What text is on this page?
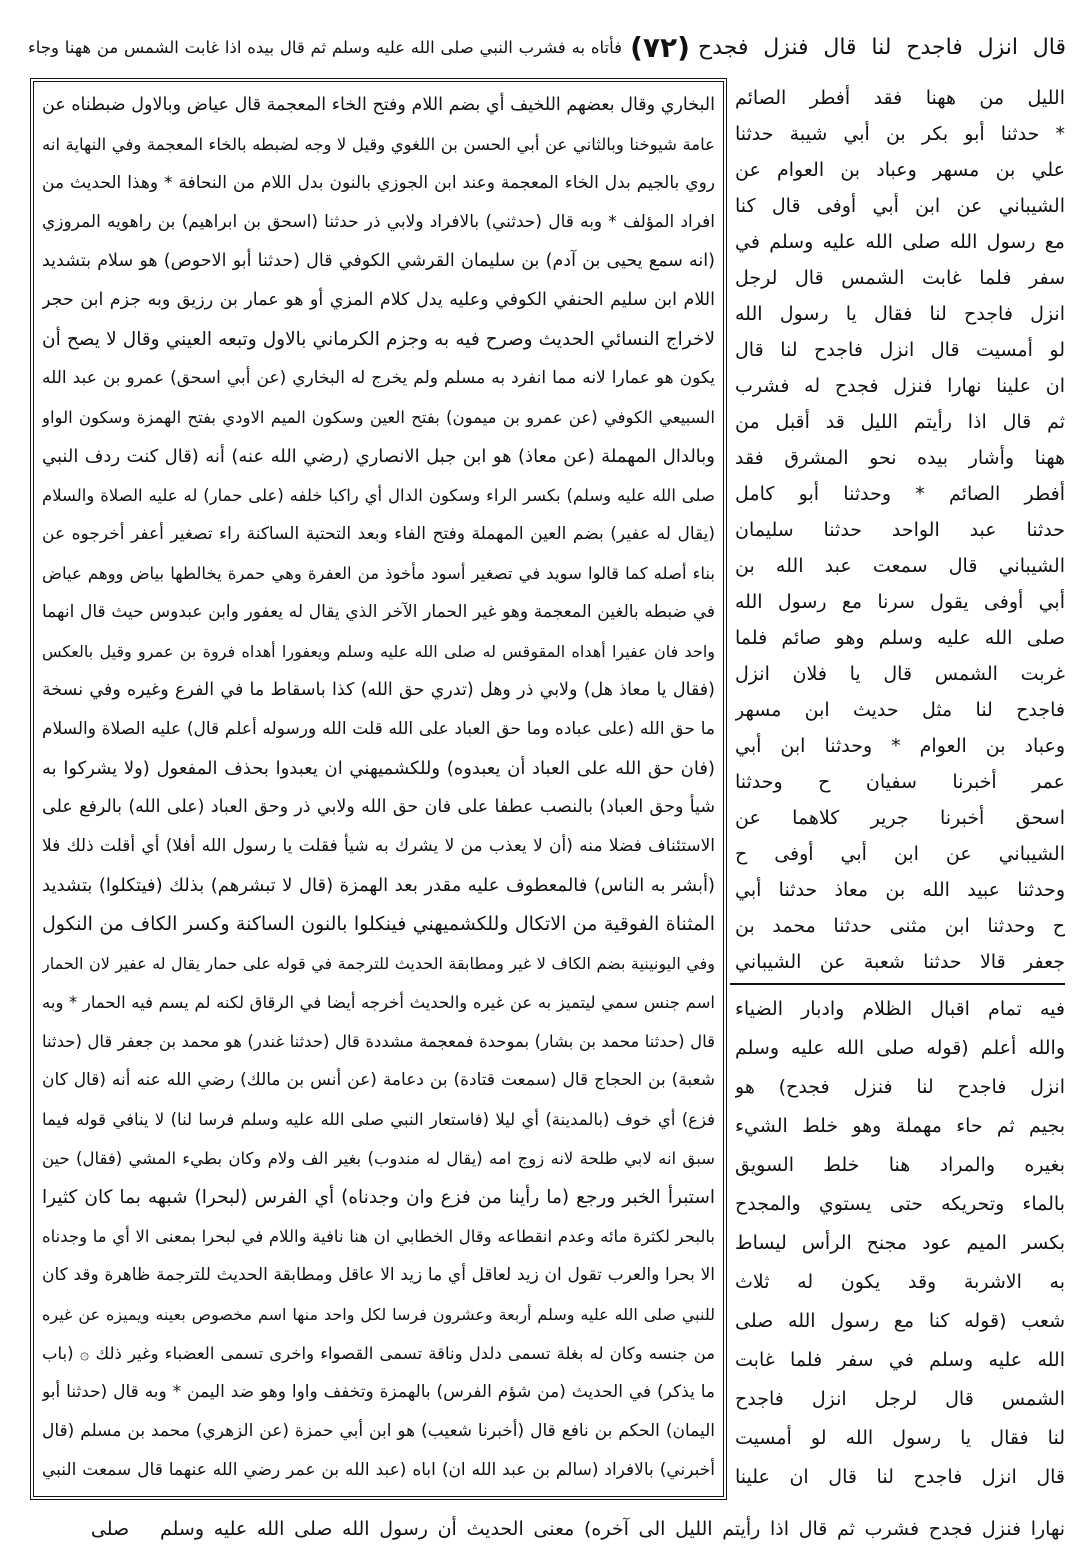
قال انزل فاجدح لنا قال فنزل فجدح
(٧٢)
فأتاه به فشرب النبي صلى الله عليه وسلم ثم قال بيده اذا غابت الشمس من ههنا وجاء
البخاري وقال بعضهم اللخيف أي بضم اللام وفتح الخاء المعجمة قال عياض وبالاول ضبطناه عن
عامة شيوخنا وبالثاني عن أبي الحسن بن اللغوي وقيل لا وجه لضبطه بالخاء المعجمة وفي النهاية انه
روي بالجيم بدل الخاء المعجمة وعند ابن الجوزي بالنون بدل اللام من النحافة * وهذا الحديث من
افراد المؤلف * وبه قال (حدثني) بالافراد ولابي ذر حدثنا (اسحق بن ابراهيم) بن راهويه المروزي
(انه سمع يحيى بن آدم) بن سليمان القرشي الكوفي قال (حدثنا أبو الاحوص) هو سلام بتشديد
اللام ابن سليم الحنفي الكوفي وعليه يدل كلام المزي أو هو عمار بن رزيق وبه جزم ابن حجر
لاخراج النسائي الحديث وصرح فيه به وجزم الكرماني بالاول وتبعه العيني وقال لا يصح أن
يكون هو عمارا لانه مما انفرد به مسلم ولم يخرج له البخاري (عن أبي اسحق) عمرو بن عبد الله
السبيعي الكوفي (عن عمرو بن ميمون) بفتح العين وسكون الميم الاودي بفتح الهمزة وسكون الواو
وبالدال المهملة (عن معاذ) هو ابن جبل الانصاري (رضي الله عنه) أنه (قال كنت ردف النبي
صلى الله عليه وسلم) بكسر الراء وسكون الدال أي راكبا خلفه (على حمار) له عليه الصلاة والسلام
(يقال له عفير) بضم العين المهملة وفتح الفاء وبعد التحتية الساكنة راء تصغير أعفر أخرجوه عن
بناء أصله كما قالوا سويد في تصغير أسود مأخوذ من العفرة وهي حمرة يخالطها بياض ووهم عياض
في ضبطه بالغين المعجمة وهو غير الحمار الآخر الذي يقال له يعفور وابن عبدوس حيث قال انهما
واحد فان عفيرا أهداه المقوقس له صلى الله عليه وسلم ويعفورا أهداه فروة بن عمرو وقيل بالعكس
(فقال يا معاذ هل) ولابي ذر وهل (تدري حق الله) كذا باسقاط ما في الفرع وغيره وفي نسخة
ما حق الله (على عباده وما حق العباد على الله قلت الله ورسوله أعلم قال) عليه الصلاة والسلام
(فان حق الله على العباد أن يعبدوه) وللكشميهني ان يعبدوا بحذف المفعول (ولا يشركوا به
شيأ وحق العباد) بالنصب عطفا على فان حق الله ولابي ذر وحق العباد (على الله) بالرفع على
الاستئناف فضلا منه (أن لا يعذب من لا يشرك به شيأ فقلت يا رسول الله أفلا) أي أقلت ذلك فلا
(أبشر به الناس) فالمعطوف عليه مقدر بعد الهمزة (قال لا تبشرهم) بذلك (فيتكلوا) بتشديد
المثناة الفوقية من الاتكال وللكشميهني فينكلوا بالنون الساكنة وكسر الكاف من النكول
وفي اليونينية بضم الكاف لا غير ومطابقة الحديث للترجمة في قوله على حمار يقال له عفير لان الحمار
اسم جنس سمي ليتميز به عن غيره والحديث أخرجه أيضا في الرقاق لكنه لم يسم فيه الحمار * وبه
قال (حدثنا محمد بن بشار) بموحدة فمعجمة مشددة قال (حدثنا غندر) هو محمد بن جعفر قال (حدثنا
شعبة) بن الحجاج قال (سمعت قتادة) بن دعامة (عن أنس بن مالك) رضي الله عنه أنه (قال كان
فزع) أي خوف (بالمدينة) أي ليلا (فاستعار النبي صلى الله عليه وسلم فرسا لنا) لا ينافي قوله فيما
سبق انه لابي طلحة لانه زوج امه (يقال له مندوب) بغير الف ولام وكان بطيء المشي (فقال) حين
استبرأ الخبر ورجع (ما رأينا من فزع وان وجدناه) أي الفرس (لبحرا) شبهه بما كان كثيرا
بالبحر لكثرة مائه وعدم انقطاعه وقال الخطابي ان هنا نافية واللام في لبحرا بمعنى الا أي ما وجدناه
الا بحرا والعرب تقول ان زيد لعاقل أي ما زيد الا عاقل ومطابقة الحديث للترجمة ظاهرة وقد كان
للنبي صلى الله عليه وسلم أربعة وعشرون فرسا لكل واحد منها اسم مخصوص بعينه ويميزه عن غيره
من جنسه وكان له بغلة تسمى دلدل وناقة تسمى القصواء واخرى تسمى العضباء وغير ذلك ۞ (باب
ما يذكر) في الحديث (من شؤم الفرس) بالهمزة وتخفف واوا وهو ضد اليمن * وبه قال (حدثنا أبو
اليمان) الحكم بن نافع قال (أخبرنا شعيب) هو ابن أبي حمزة (عن الزهري) محمد بن مسلم (قال
أخبرني) بالافراد (سالم بن عبد الله ان) اباه (عبد الله بن عمر رضي الله عنهما قال سمعت النبي
الليل من ههنا فقد أفطر الصائم
* حدثنا أبو بكر بن أبي شيبة حدثنا
علي بن مسهر وعباد بن العوام عن
الشيباني عن ابن أبي أوفى قال كنا
مع رسول الله صلى الله عليه وسلم في
سفر فلما غابت الشمس قال لرجل
انزل فاجدح لنا فقال يا رسول الله
لو أمسيت قال انزل فاجدح لنا قال
ان علينا نهارا فنزل فجدح له فشرب
ثم قال اذا رأيتم الليل قد أقبل من
ههنا وأشار بيده نحو المشرق فقد
أفطر الصائم * وحدثنا أبو كامل
حدثنا عبد الواحد حدثنا سليمان
الشيباني قال سمعت عبد الله بن
أبي أوفى يقول سرنا مع رسول الله
صلى الله عليه وسلم وهو صائم فلما
غربت الشمس قال يا فلان انزل
فاجدح لنا مثل حديث ابن مسهر
وعباد بن العوام * وحدثنا ابن أبي
عمر أخبرنا سفيان ح وحدثنا
اسحق أخبرنا جرير كلاهما عن
الشيباني عن ابن أبي أوفى ح
وحدثنا عبيد الله بن معاذ حدثنا أبي
ح وحدثنا ابن مثنى حدثنا محمد بن
جعفر قالا حدثنا شعبة عن الشيباني
فيه تمام اقبال الظلام وادبار الضياء
والله أعلم (قوله صلى الله عليه وسلم
انزل فاجدح لنا فنزل فجدح) هو
بجيم ثم حاء مهملة وهو خلط الشيء
بغيره والمراد هنا خلط السويق
بالماء وتحريكه حتى يستوي والمجدح
بكسر الميم عود مجنح الرأس ليساط
به الاشربة وقد يكون له ثلاث
شعب (قوله كنا مع رسول الله صلى
الله عليه وسلم في سفر فلما غابت
الشمس قال لرجل انزل فاجدح
لنا فقال يا رسول الله لو أمسيت
قال انزل فاجدح لنا قال ان علينا
صلى	نهارا فنزل فجدح فشرب ثم قال اذا رأيتم الليل الى آخره) معنى الحديث أن رسول الله صلى الله عليه وسلم
